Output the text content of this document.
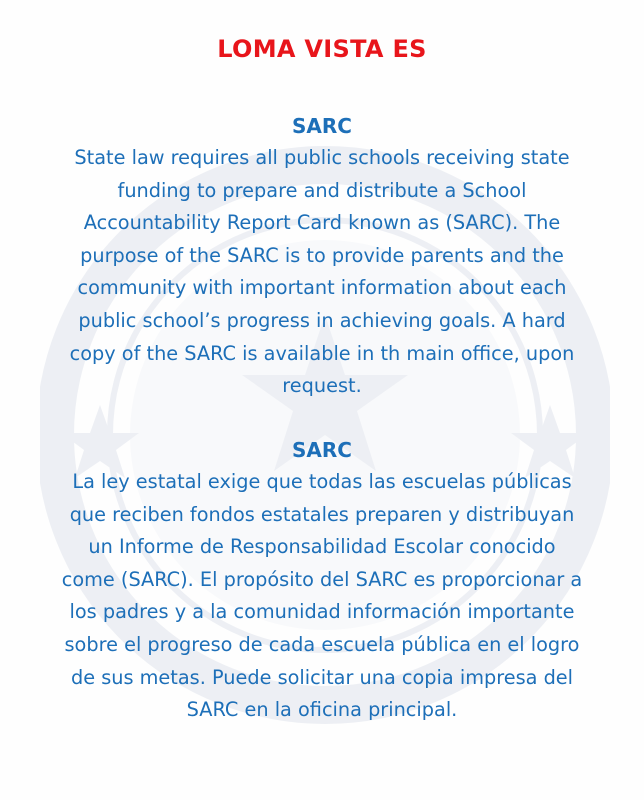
LOMA VISTA ES
SARC

State law requires all public schools receiving state
funding to prepare and distribute a School
Accountability Report Card known as (SARC). The
purpose of the SARC is to provide parents and the
community with important information about each
public school’s progress in achieving goals. A hard
copy of the SARC is available in th main office, upon
request.

SARC

La ley estatal exige que todas las escuelas públicas
que reciben fondos estatales preparen y distribuyan
un Informe de Responsabilidad Escolar conocido
come (SARC). El propósito del SARC es proporcionar a
los padres y a la comunidad información importante
sobre el progreso de cada escuela pública en el logro
de sus metas. Puede solicitar una copia impresa del
SARC en la oficina principal.
